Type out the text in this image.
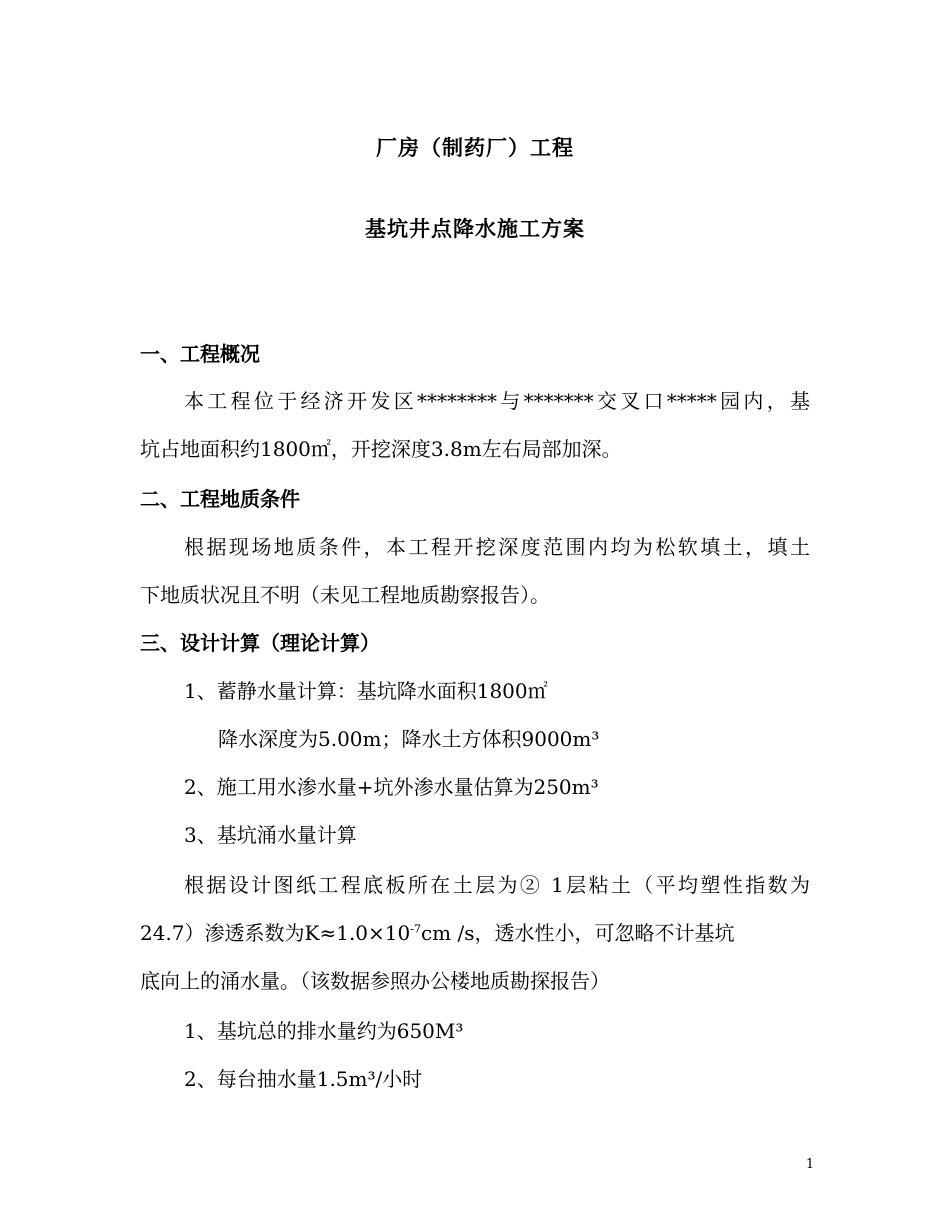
厂房（制药厂）工程
基坑井点降水施工方案
一、工程概况
本工程位于经济开发区********与*******交叉口*****园内，基
坑占地面积约1800㎡，开挖深度3.8m左右局部加深。
二、工程地质条件
根据现场地质条件，本工程开挖深度范围内均为松软填土，填土
下地质状况且不明（未见工程地质勘察报告）。
三、设计计算（理论计算）
1、蓄静水量计算：基坑降水面积1800㎡
降水深度为5.00m；降水土方体积9000m³
2、施工用水渗水量+坑外渗水量估算为250m³
3、基坑涌水量计算
根据设计图纸工程底板所在土层为② 1层粘土（平均塑性指数为
24.7）渗透系数为$K\approx 1.0\times 10^{-7}cm$ /s，透水性小，可忽略不计基坑
底向上的涌水量。（该数据参照办公楼地质勘探报告）
1、基坑总的排水量约为650M³
2、每台抽水量1.5m³/小时
1
